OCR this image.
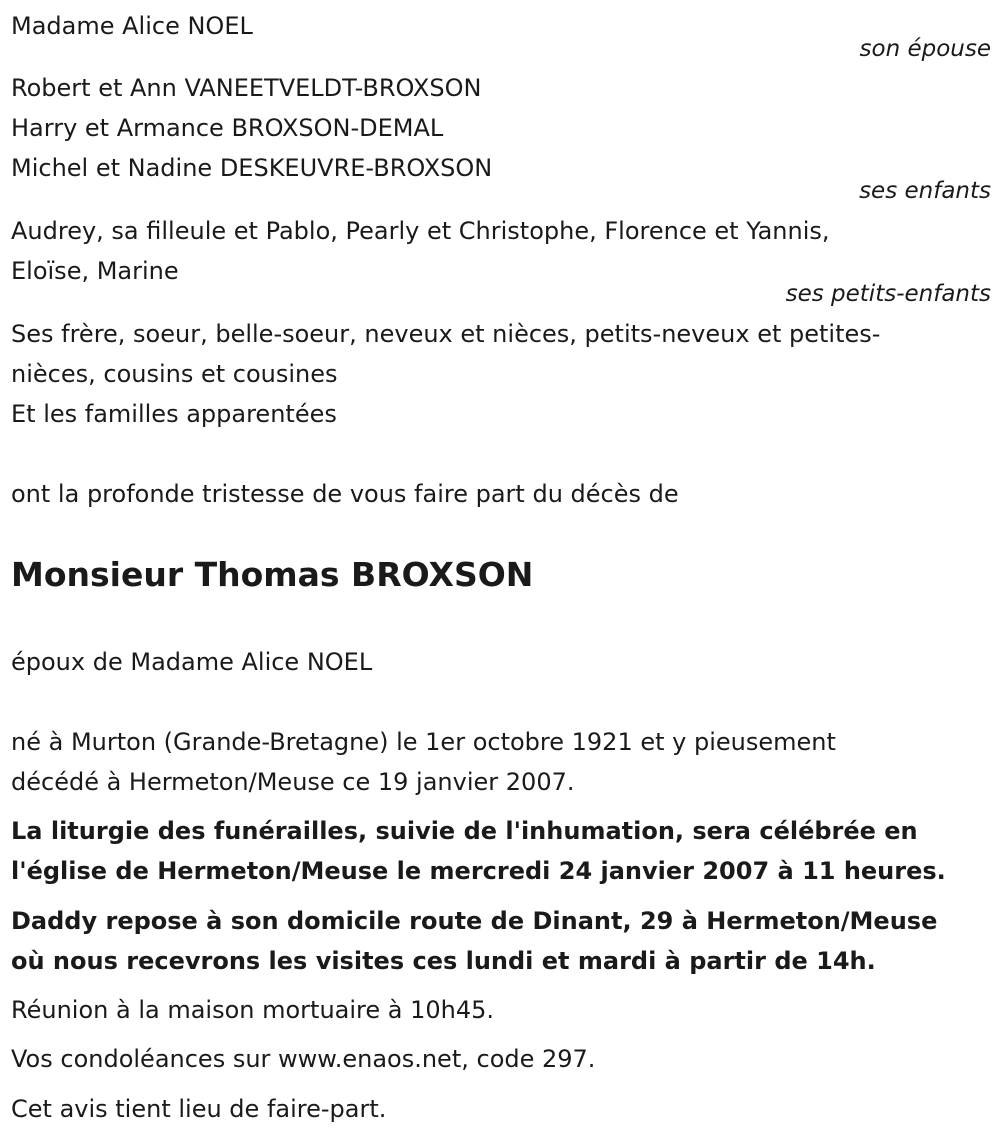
Madame Alice NOEL

son épouse

Robert et Ann VANEETVELDT-BROXSON

Harry et Armance BROXSON-DEMAL

Michel et Nadine DESKEUVRE-BROXSON

ses enfants

Audrey, sa filleule et Pablo, Pearly et Christophe, Florence et Yannis,

Eloïse, Marine

ses petits-enfants

Ses frère, soeur, belle-soeur, neveux et nièces, petits-neveux et petites-

nièces, cousins et cousines

Et les familles apparentées

ont la profonde tristesse de vous faire part du décès de

Monsieur Thomas BROXSON

époux de Madame Alice NOEL

né à Murton (Grande-Bretagne) le 1er octobre 1921 et y pieusement

décédé à Hermeton/Meuse ce 19 janvier 2007.

La liturgie des funérailles, suivie de l'inhumation, sera célébrée en

l'église de Hermeton/Meuse le mercredi 24 janvier 2007 à 11 heures.

Daddy repose à son domicile route de Dinant, 29 à Hermeton/Meuse

où nous recevrons les visites ces lundi et mardi à partir de 14h.

Réunion à la maison mortuaire à 10h45.

Vos condoléances sur www.enaos.net, code 297.

Cet avis tient lieu de faire-part.
